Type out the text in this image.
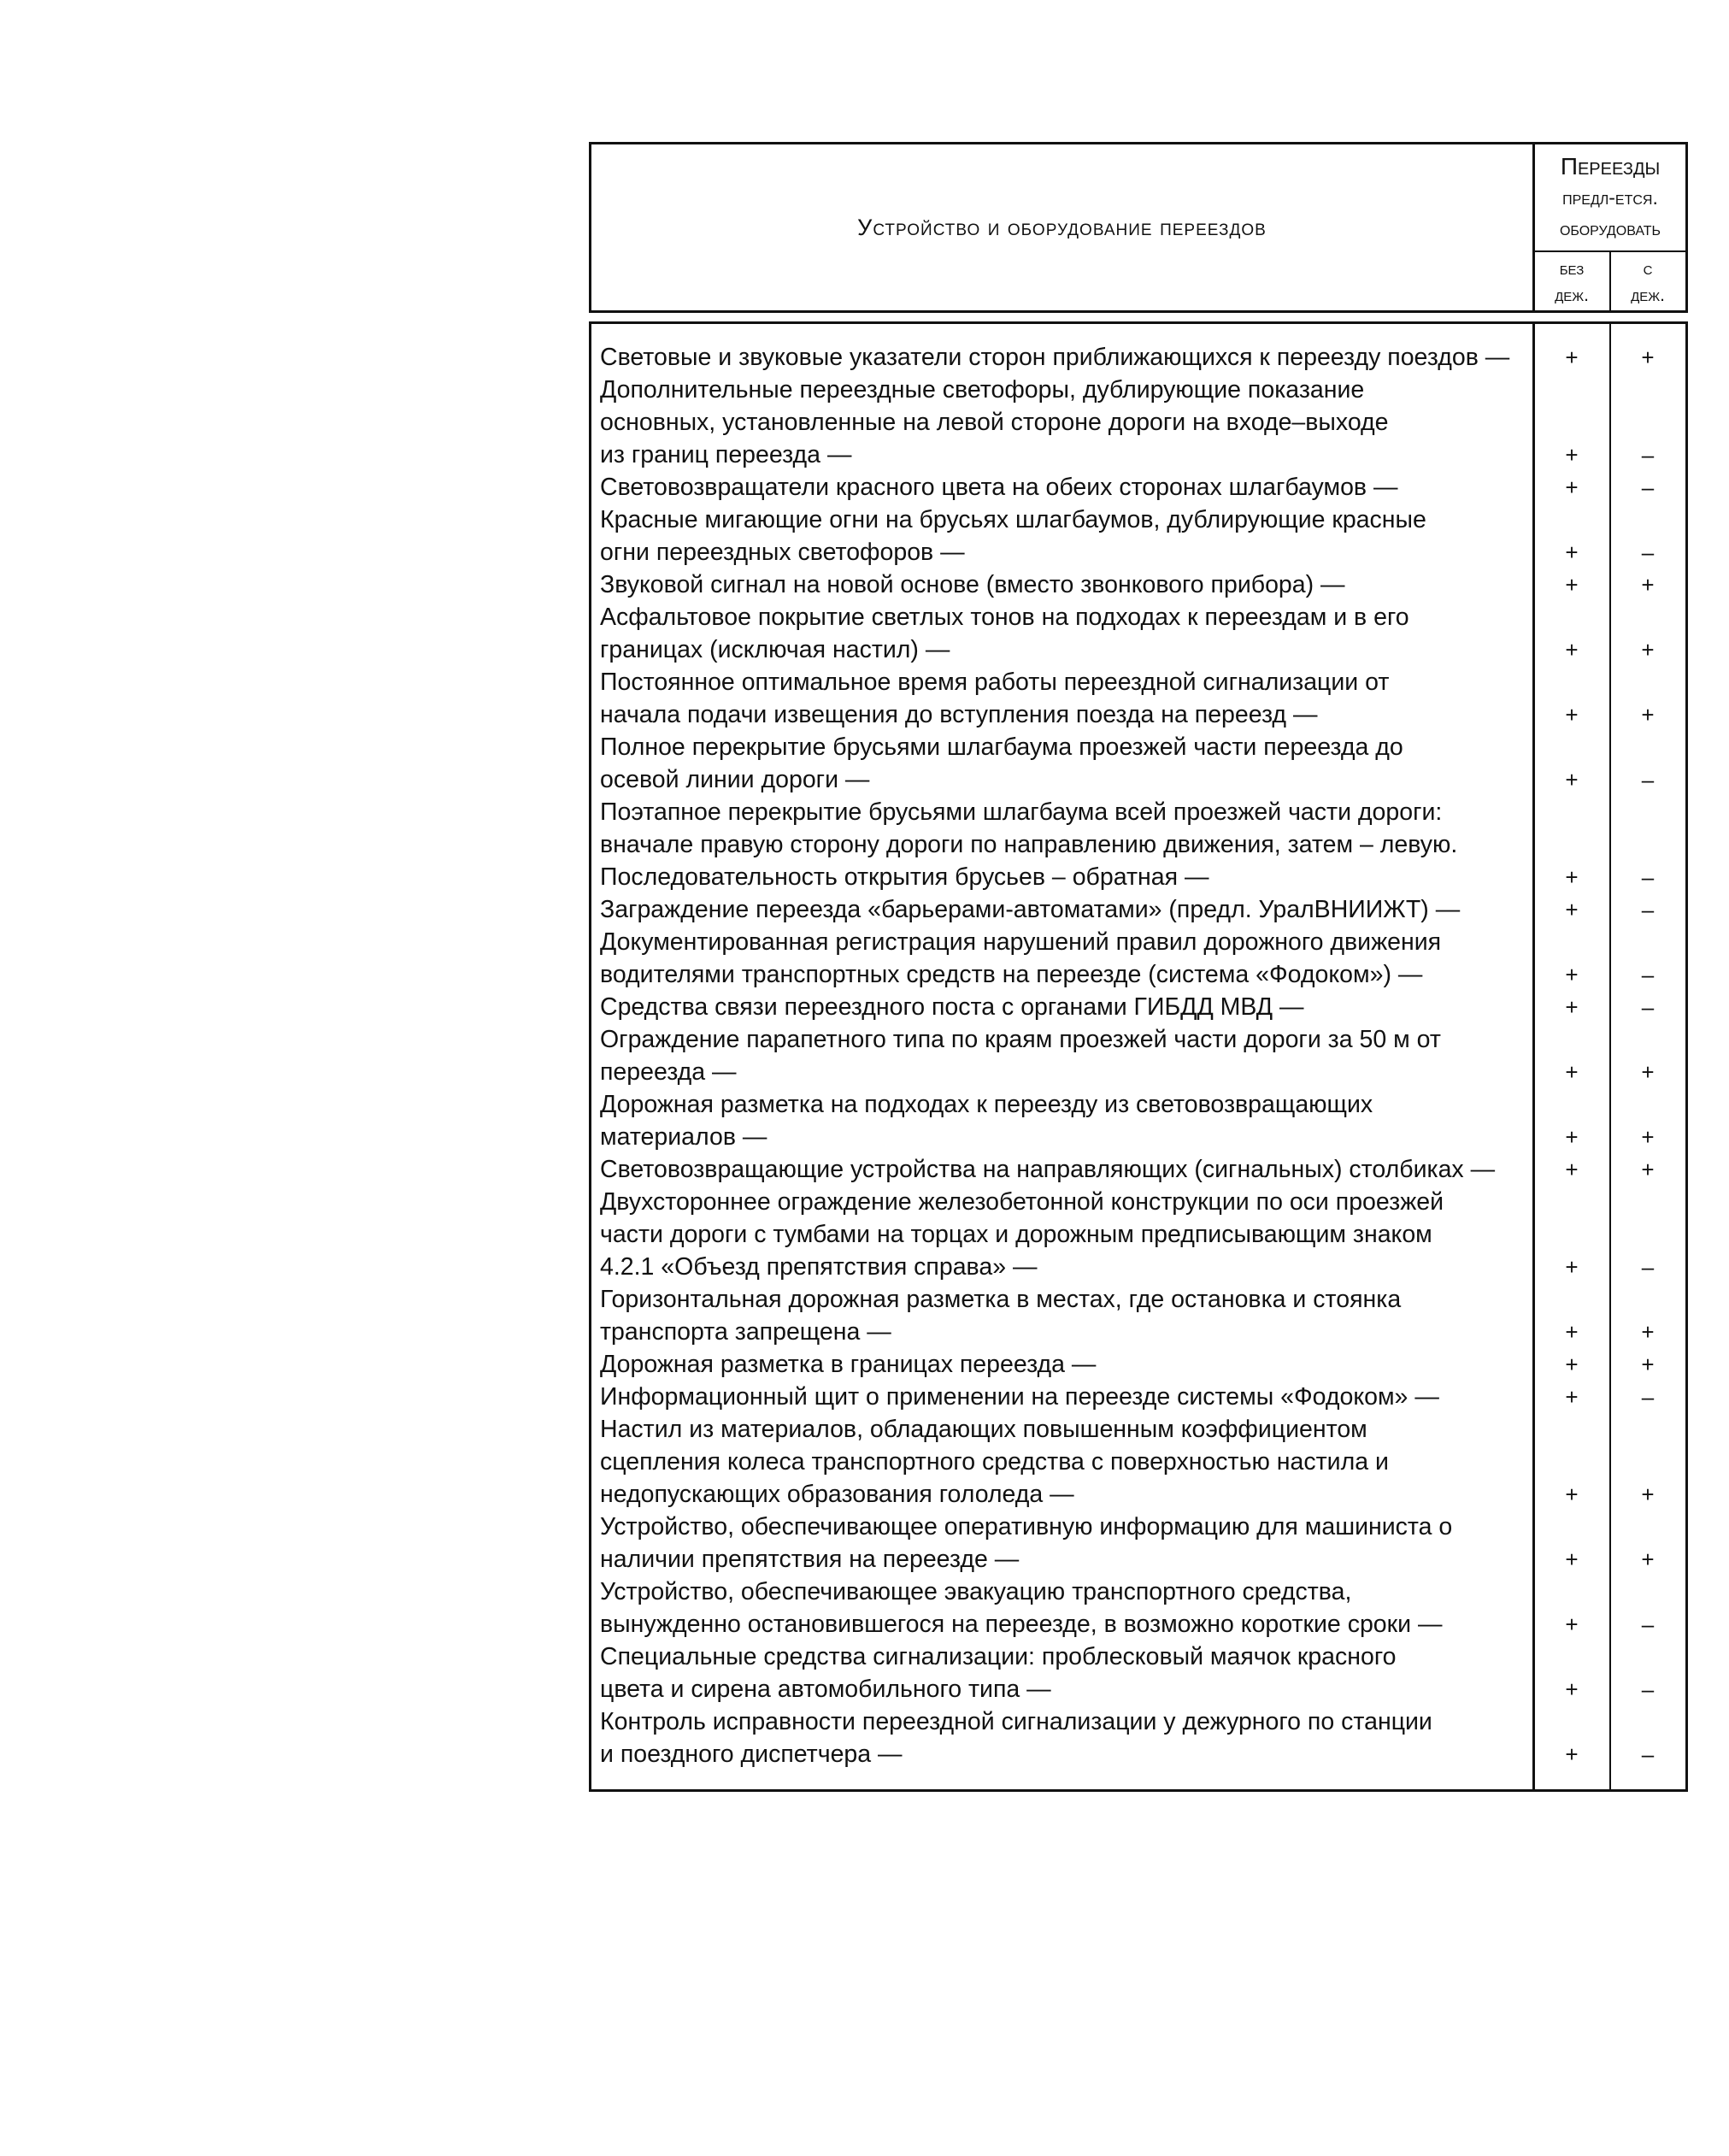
Устройство и оборудование переездов
Переезды
предл-ется.
оборудовать
без
деж.
с
деж.
Световые и звуковые указатели сторон приближающихся к переезду поездов —	+	+
Дополнительные переездные светофоры, дублирующие показание
основных, установленные на левой стороне дороги на входе–выходе
из границ переезда —	+	–
Световозвращатели красного цвета на обеих сторонах шлагбаумов —	+	–
Красные мигающие огни на брусьях шлагбаумов, дублирующие красные
огни переездных светофоров —	+	–
Звуковой сигнал на новой основе (вместо звонкового прибора) —	+	+
Асфальтовое покрытие светлых тонов на подходах к переездам и в его
границах (исключая настил) —	+	+
Постоянное оптимальное время работы переездной сигнализации от
начала подачи извещения до вступления поезда на переезд —	+	+
Полное перекрытие брусьями шлагбаума проезжей части переезда до
осевой линии дороги —	+	–
Поэтапное перекрытие брусьями шлагбаума всей проезжей части дороги:
вначале правую сторону дороги по направлению движения, затем – левую.
Последовательность открытия брусьев – обратная —	+	–
Заграждение переезда «барьерами-автоматами» (предл. УралВНИИЖТ) —	+	–
Документированная регистрация нарушений правил дорожного движения
водителями транспортных средств на переезде (система «Фодоком») —	+	–
Средства связи переездного поста с органами ГИБДД МВД —	+	–
Ограждение парапетного типа по краям проезжей части дороги за 50 м от
переезда —	+	+
Дорожная разметка на подходах к переезду из световозвращающих
материалов —	+	+
Световозвращающие устройства на направляющих (сигнальных) столбиках —	+	+
Двухстороннее ограждение железобетонной конструкции по оси проезжей
части дороги с тумбами на торцах и дорожным предписывающим знаком
4.2.1 «Объезд препятствия справа» —	+	–
Горизонтальная дорожная разметка в местах, где остановка и стоянка
транспорта запрещена —	+	+
Дорожная разметка в границах переезда —	+	+
Информационный щит о применении на переезде системы «Фодоком» —	+	–
Настил из материалов, обладающих повышенным коэффициентом
сцепления колеса транспортного средства с поверхностью настила и
недопускающих образования гололеда —	+	+
Устройство, обеспечивающее оперативную информацию для машиниста о
наличии препятствия на переезде —	+	+
Устройство, обеспечивающее эвакуацию транспортного средства,
вынужденно остановившегося на переезде, в возможно короткие сроки —	+	–
Специальные средства сигнализации: проблесковый маячок красного
цвета и сирена автомобильного типа —	+	–
Контроль исправности переездной сигнализации у дежурного по станции
и поездного диспетчера —	+	–
